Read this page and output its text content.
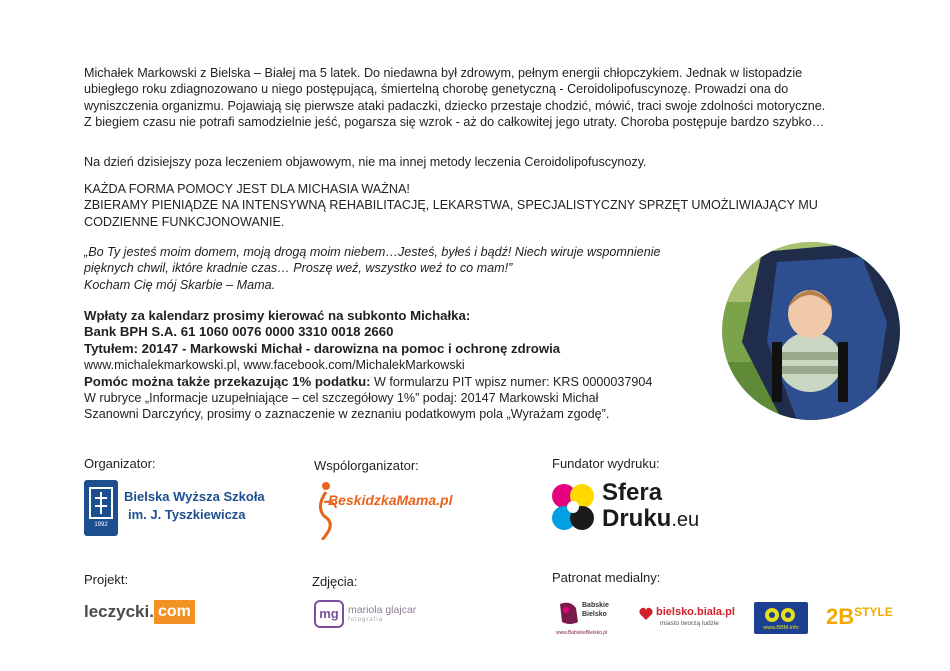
Michałek Markowski z Bielska – Białej ma 5 latek. Do niedawna był zdrowym, pełnym energii chłopczykiem. Jednak w listopadzie
ubiegłego roku zdiagnozowano u niego postępującą, śmiertelną chorobę genetyczną - Ceroidolipofuscynozę. Prowadzi ona do
wyniszczenia organizmu. Pojawiają się pierwsze ataki padaczki, dziecko przestaje chodzić, mówić, traci swoje zdolności motoryczne.
Z biegiem czasu nie potrafi samodzielnie jeść, pogarsza się wzrok - aż do całkowitej jego utraty. Choroba postępuje bardzo szybko…
Na dzień dzisiejszy poza leczeniem objawowym, nie ma innej metody leczenia Ceroidolipofuscynozy.
KAŻDA FORMA POMOCY JEST DLA MICHASIA WAŻNA!
ZBIERAMY PIENIĄDZE NA INTENSYWNĄ REHABILITACJĘ, LEKARSTWA, SPECJALISTYCZNY SPRZĘT UMOŻLIWIAJĄCY MU
CODZIENNE FUNKCJONOWANIE.
„Bo Ty jesteś moim domem, moją drogą moim niebem…Jesteś, byłeś i bądź! Niech wiruje wspomnienie
pięknych chwil, iktóre kradnie czas… Proszę weź, wszystko weź to co mam!”
Kocham Cię mój Skarbie – Mama.
Wpłaty za kalendarz prosimy kierować na subkonto Michałka:
Bank BPH S.A. 61 1060 0076 0000 3310 0018 2660
Tytułem: 20147 - Markowski Michał - darowizna na pomoc i ochronę zdrowia
www.michalekmarkowski.pl, www.facebook.com/MichalekMarkowski
Pomóc można także przekazując 1% podatku: W formularzu PIT wpisz numer: KRS 0000037904
W rubryce „Informacje uzupełniające – cel szczegółowy 1%” podaj: 20147 Markowski Michał
Szanowni Darczyńcy, prosimy o zaznaczenie w zeznaniu podatkowym pola „Wyrażam zgodę”.
Organizator:	Wspólorganizator:	Fundator wydruku:
Projekt:	Zdjęcia:	Patronat medialny:
1992
Bielska Wyższa Szkoła
im. J. Tyszkiewicza
BeskidzkaMama.pl	Sfera
Druku.eu
leczycki. com	mg mariola glajcar
fotografia
Babskie
Bielsko
www.BabskieBielsko.pl
bielsko.biala.pl
miasto tworzą ludzie
www.BBM.info	$2B^{STYLE}$
